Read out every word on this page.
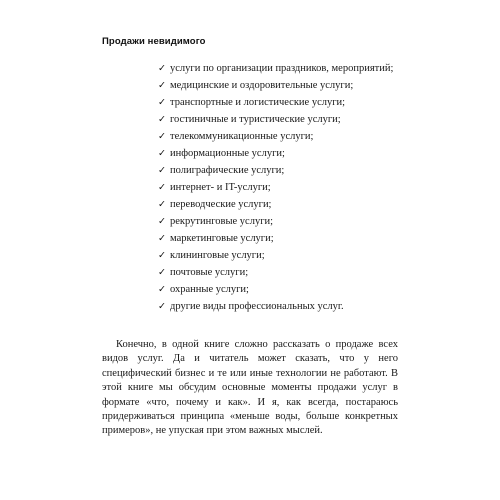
Продажи невидимого
✓ услуги по организации праздников, мероприятий;
✓ медицинские и оздоровительные услуги;
✓ транспортные и логистические услуги;
✓ гостиничные и туристические услуги;
✓ телекоммуникационные услуги;
✓ информационные услуги;
✓ полиграфические услуги;
✓ интернет- и IT-услуги;
✓ переводческие услуги;
✓ рекрутинговые услуги;
✓ маркетинговые услуги;
✓ клининговые услуги;
✓ почтовые услуги;
✓ охранные услуги;
✓ другие виды профессиональных услуг.

Конечно, в одной книге сложно рассказать о продаже всех видов услуг. Да и читатель может сказать, что у него специфический бизнес и те или иные технологии не работают. В этой книге мы обсудим основные моменты продажи услуг в формате «что, почему и как». И я, как всегда, постараюсь придерживаться принципа «меньше воды, больше конкретных примеров», не упуская при этом важных мыслей.
